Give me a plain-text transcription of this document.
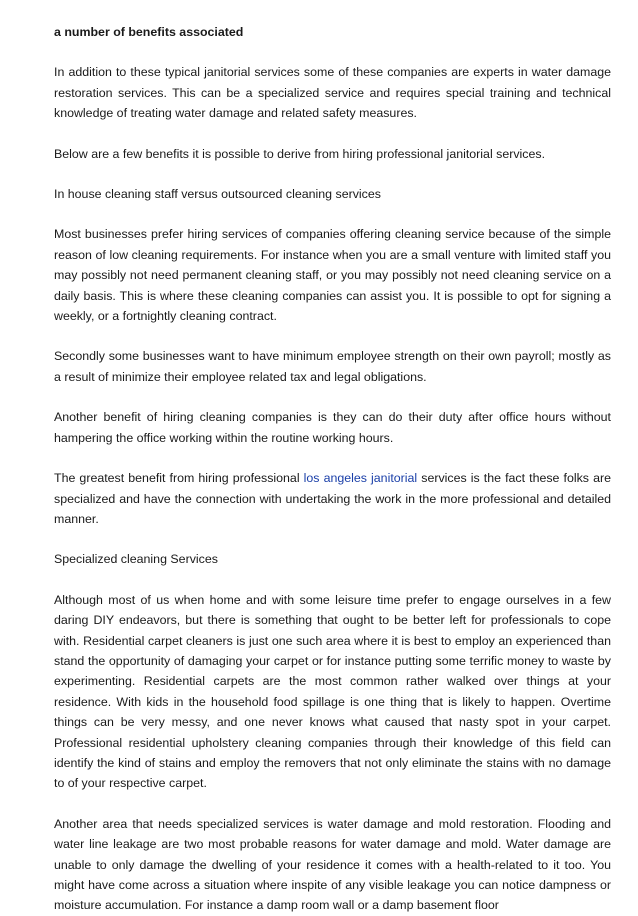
a number of benefits associated

In addition to these typical janitorial services some of these companies are experts in water damage restoration services. This can be a specialized service and requires special training and technical knowledge of treating water damage and related safety measures.

Below are a few benefits it is possible to derive from hiring professional janitorial services.

In house cleaning staff versus outsourced cleaning services

Most businesses prefer hiring services of companies offering cleaning service because of the simple reason of low cleaning requirements. For instance when you are a small venture with limited staff you may possibly not need permanent cleaning staff, or you may possibly not need cleaning service on a daily basis. This is where these cleaning companies can assist you. It is possible to opt for signing a weekly, or a fortnightly cleaning contract.

Secondly some businesses want to have minimum employee strength on their own payroll; mostly as a result of minimize their employee related tax and legal obligations.

Another benefit of hiring cleaning companies is they can do their duty after office hours without hampering the office working within the routine working hours.

The greatest benefit from hiring professional los angeles janitorial services is the fact these folks are specialized and have the connection with undertaking the work in the more professional and detailed manner.

Specialized cleaning Services

Although most of us when home and with some leisure time prefer to engage ourselves in a few daring DIY endeavors, but there is something that ought to be better left for professionals to cope with. Residential carpet cleaners is just one such area where it is best to employ an experienced than stand the opportunity of damaging your carpet or for instance putting some terrific money to waste by experimenting. Residential carpets are the most common rather walked over things at your residence. With kids in the household food spillage is one thing that is likely to happen. Overtime things can be very messy, and one never knows what caused that nasty spot in your carpet. Professional residential upholstery cleaning companies through their knowledge of this field can identify the kind of stains and employ the removers that not only eliminate the stains with no damage to of your respective carpet.

Another area that needs specialized services is water damage and mold restoration. Flooding and water line leakage are two most probable reasons for water damage and mold. Water damage are unable to only damage the dwelling of your residence it comes with a health-related to it too. You might have come across a situation where inspite of any visible leakage you can notice dampness or moisture accumulation. For instance a damp room wall or a damp basement floor
